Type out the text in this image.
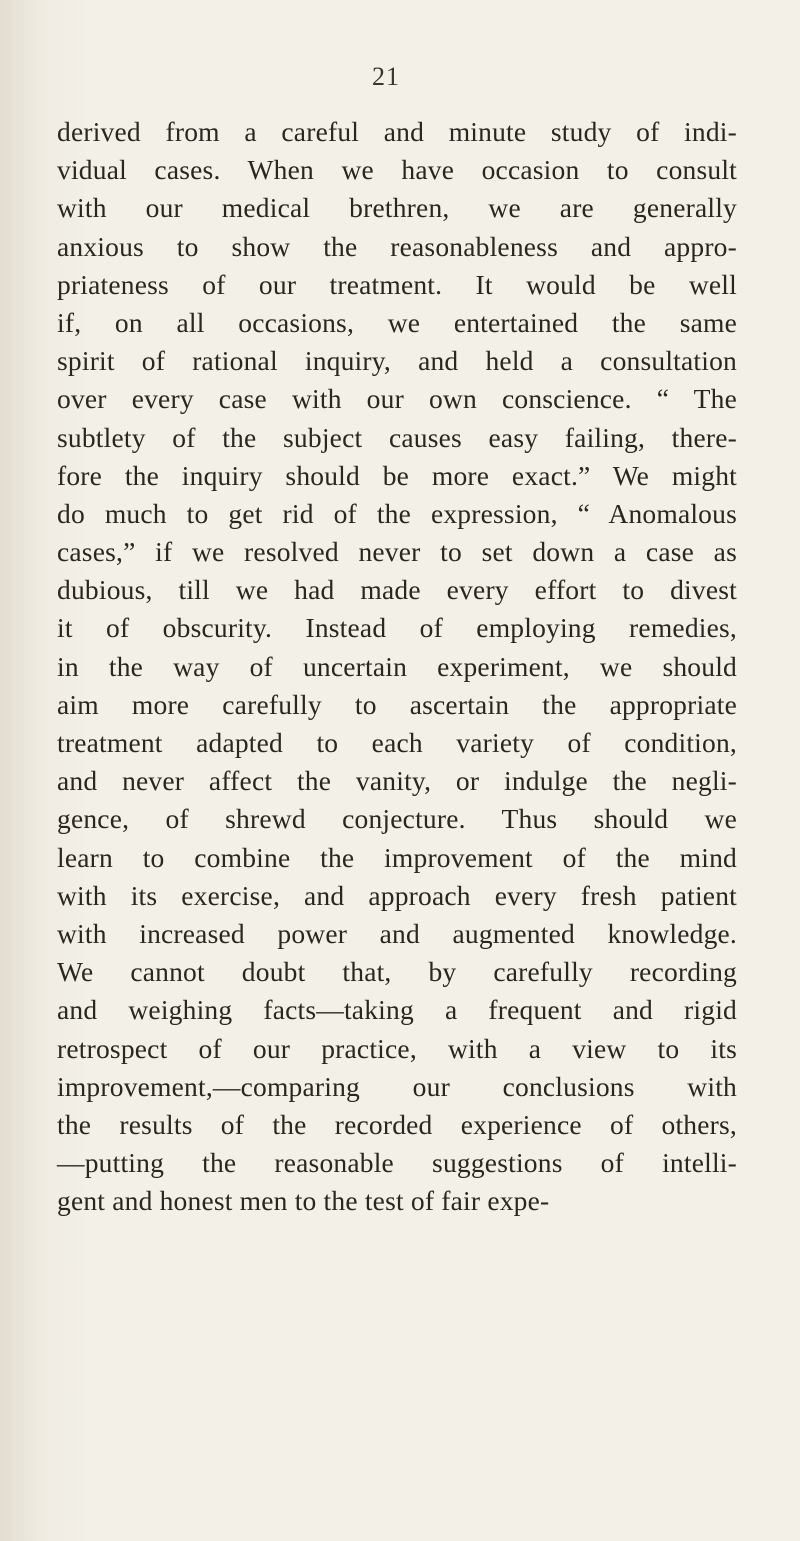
21
derived from a careful and minute study of indi-
vidual cases. When we have occasion to consult
with our medical brethren, we are generally
anxious to show the reasonableness and appro-
priateness of our treatment. It would be well
if, on all occasions, we entertained the same
spirit of rational inquiry, and held a consultation
over every case with our own conscience. “ The
subtlety of the subject causes easy failing, there-
fore the inquiry should be more exact.” We might
do much to get rid of the expression, “ Anomalous
cases,” if we resolved never to set down a case as
dubious, till we had made every effort to divest
it of obscurity. Instead of employing remedies,
in the way of uncertain experiment, we should
aim more carefully to ascertain the appropriate
treatment adapted to each variety of condition,
and never affect the vanity, or indulge the negli-
gence, of shrewd conjecture. Thus should we
learn to combine the improvement of the mind
with its exercise, and approach every fresh patient
with increased power and augmented knowledge.
We cannot doubt that, by carefully recording
and weighing facts—taking a frequent and rigid
retrospect of our practice, with a view to its
improvement,—comparing our conclusions with
the results of the recorded experience of others,
—putting the reasonable suggestions of intelli-
gent and honest men to the test of fair expe-
